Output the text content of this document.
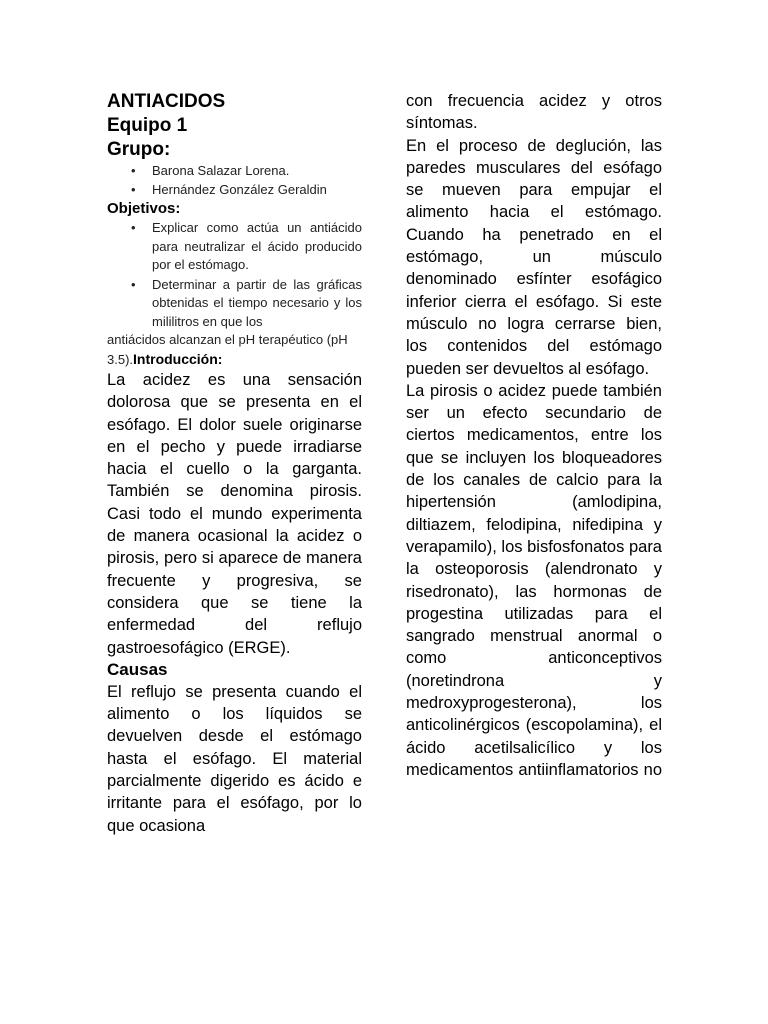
ANTIACIDOS

Equipo 1

Grupo:

• Barona Salazar Lorena.
• Hernández González Geraldin

Objetivos:

• Explicar como actúa un antiácido para neutralizar el ácido producido por el estómago.
• Determinar a partir de las gráficas obtenidas el tiempo necesario y los mililitros en que los
antiácidos alcanzan el pH terapéutico (pH 3.5).Introducción:

La acidez es una sensación dolorosa que se presenta en el esófago. El dolor suele originarse en el pecho y puede irradiarse hacia el cuello o la garganta. También se denomina pirosis. Casi todo el mundo experimenta de manera ocasional la acidez o pirosis, pero si aparece de manera frecuente y progresiva, se considera que se tiene la enfermedad del reflujo gastroesofágico (ERGE).

Causas

El reflujo se presenta cuando el alimento o los líquidos se devuelven desde el estómago hasta el esófago. El material parcialmente digerido es ácido e irritante para el esófago, por lo que ocasiona

con frecuencia acidez y otros síntomas.

En el proceso de deglución, las paredes musculares del esófago se mueven para empujar el alimento hacia el estómago. Cuando ha penetrado en el estómago, un músculo denominado esfínter esofágico inferior cierra el esófago. Si este músculo no logra cerrarse bien, los contenidos del estómago pueden ser devueltos al esófago.

La pirosis o acidez puede también ser un efecto secundario de ciertos medicamentos, entre los que se incluyen los bloqueadores de los canales de calcio para la hipertensión (amlodipina, diltiazem, felodipina, nifedipina y verapamilo), los bisfosfonatos para la osteoporosis (alendronato y risedronato), las hormonas de progestina utilizadas para el sangrado menstrual anormal o como anticonceptivos (noretindrona y medroxyprogesterona), los anticolinérgicos (escopolamina), el ácido acetilsalicílico y los medicamentos antiinflamatorios no
